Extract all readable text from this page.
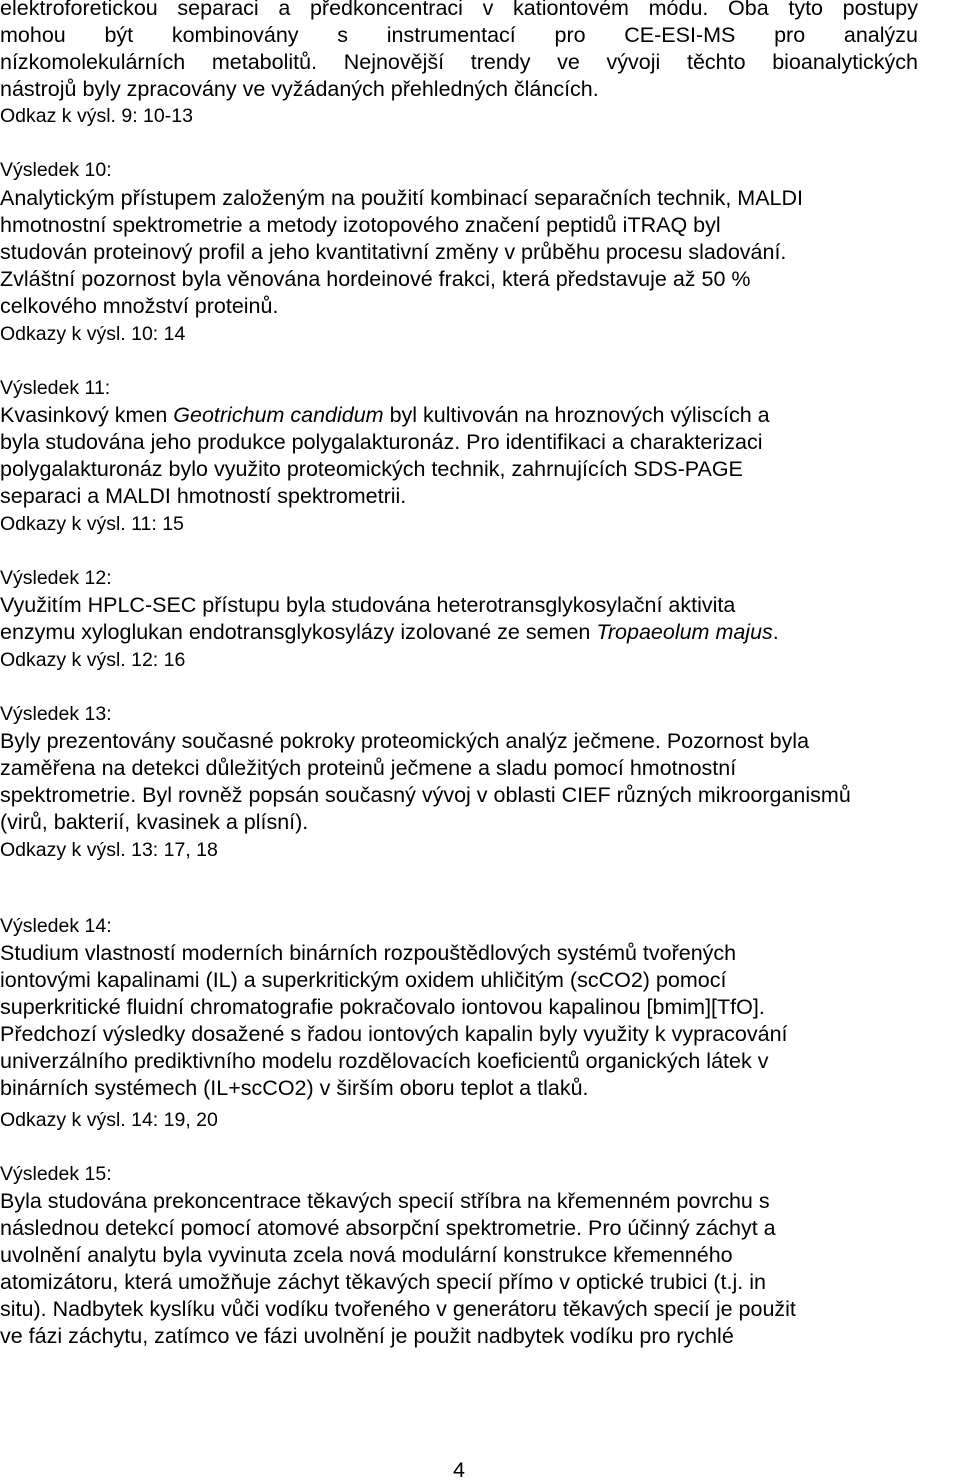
elektroforetickou separaci a předkoncentraci v kationtovém módu. Oba tyto postupy
mohou být kombinovány s instrumentací pro CE-ESI-MS pro analýzu
nízkomolekulárních metabolitů. Nejnovější trendy ve vývoji těchto bioanalytických
nástrojů byly zpracovány ve vyžádaných přehledných článcích.
Odkaz k výsl. 9: 10-13
Výsledek 10:
Analytickým přístupem založeným na použití kombinací separačních technik, MALDI
hmotnostní spektrometrie a metody izotopového značení peptidů iTRAQ byl
studován proteinový profil a jeho kvantitativní změny v průběhu procesu sladování.
Zvláštní pozornost byla věnována hordeinové frakci, která představuje až 50 %
celkového množství proteinů.
Odkazy k výsl. 10: 14
Výsledek 11:
Kvasinkový kmen Geotrichum candidum byl kultivován na hroznových výliscích a
byla studována jeho produkce polygalakturonáz. Pro identifikaci a charakterizaci
polygalakturonáz bylo využito proteomických technik, zahrnujících SDS-PAGE
separaci a MALDI hmotností spektrometrii.
Odkazy k výsl. 11: 15
Výsledek 12:
Využitím HPLC-SEC přístupu byla studována heterotransglykosylační aktivita
enzymu xyloglukan endotransglykosylázy izolované ze semen Tropaeolum majus.
Odkazy k výsl. 12: 16
Výsledek 13:
Byly prezentovány současné pokroky proteomických analýz ječmene. Pozornost byla
zaměřena na detekci důležitých proteinů ječmene a sladu pomocí hmotnostní
spektrometrie. Byl rovněž popsán současný vývoj v oblasti CIEF různých mikroorganismů
(virů, bakterií, kvasinek a plísní).
Odkazy k výsl. 13: 17, 18
Výsledek 14:
Studium vlastností moderních binárních rozpouštědlových systémů tvořených
iontovými kapalinami (IL) a superkritickým oxidem uhličitým (scCO2) pomocí
superkritické fluidní chromatografie pokračovalo iontovou kapalinou [bmim][TfO].
Předchozí výsledky dosažené s řadou iontových kapalin byly využity k vypracování
univerzálního prediktivního modelu rozdělovacích koeficientů organických látek v
binárních systémech (IL+scCO2) v širším oboru teplot a tlaků.
Odkazy k výsl. 14: 19, 20
Výsledek 15:
Byla studována prekoncentrace těkavých specií stříbra na křemenném povrchu s
následnou detekcí pomocí atomové absorpční spektrometrie. Pro účinný záchyt a
uvolnění analytu byla vyvinuta zcela nová modulární konstrukce křemenného
atomizátoru, která umožňuje záchyt těkavých specií přímo v optické trubici (t.j. in
situ). Nadbytek kyslíku vůči vodíku tvořeného v generátoru těkavých specií je použit
ve fázi záchytu, zatímco ve fázi uvolnění je použit nadbytek vodíku pro rychlé
4
